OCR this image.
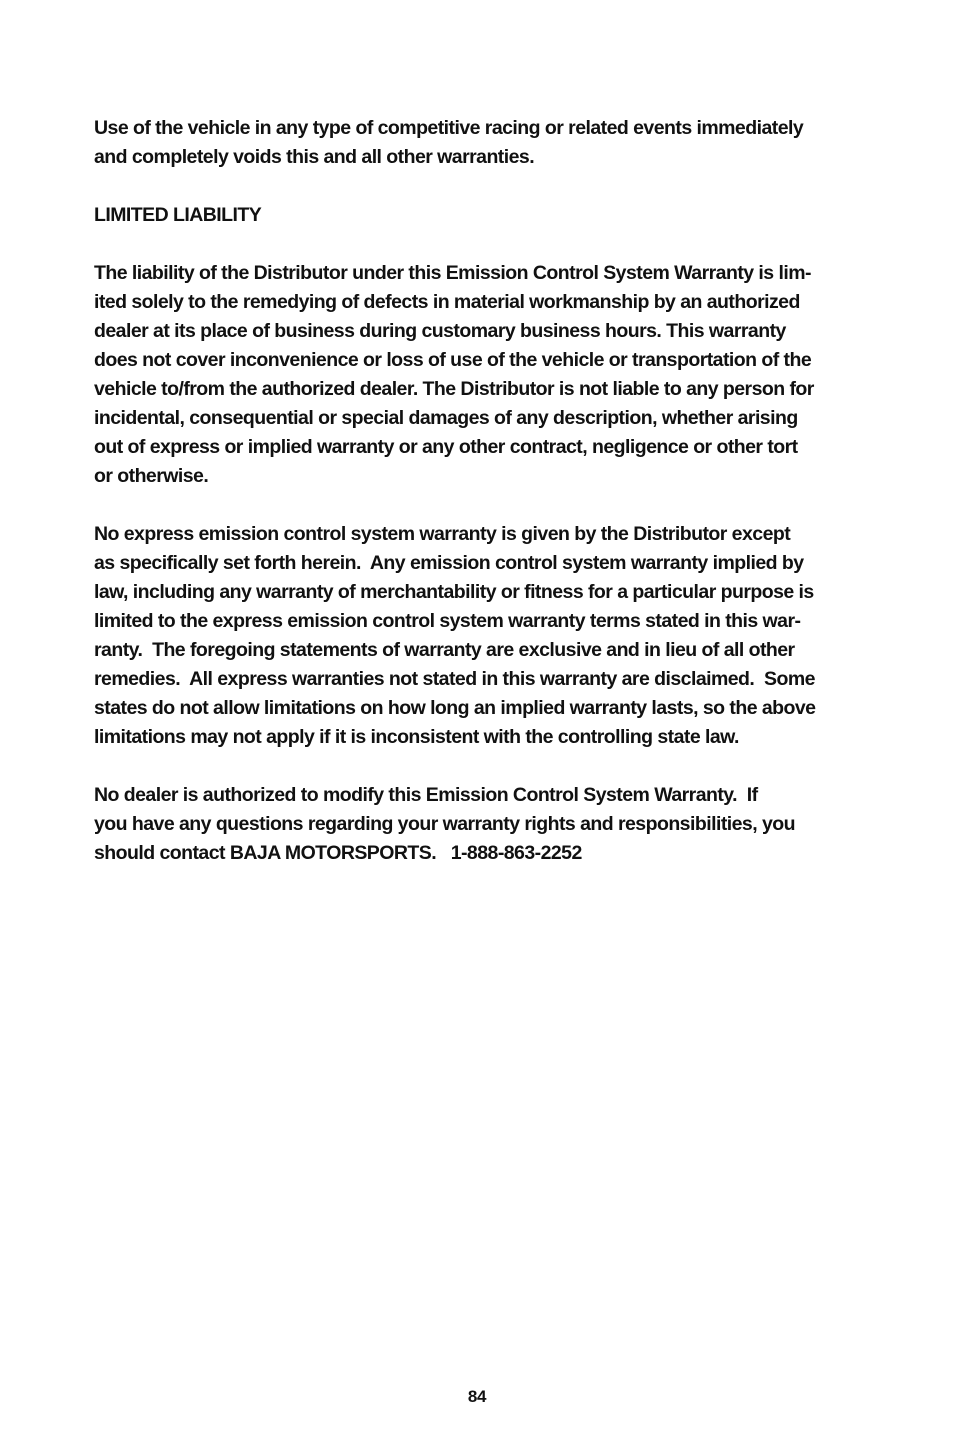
Use of the vehicle in any type of competitive racing or related events immediately
and completely voids this and all other warranties.
LIMITED LIABILITY
The liability of the Distributor under this Emission Control System Warranty is lim-
ited solely to the remedying of defects in material workmanship by an authorized
dealer at its place of business during customary business hours. This warranty
does not cover inconvenience or loss of use of the vehicle or transportation of the
vehicle to/from the authorized dealer. The Distributor is not liable to any person for
incidental, consequential or special damages of any description, whether arising
out of express or implied warranty or any other contract, negligence or other tort
or otherwise.
No express emission control system warranty is given by the Distributor except
as specifically set forth herein.  Any emission control system warranty implied by
law, including any warranty of merchantability or fitness for a particular purpose is
limited to the express emission control system warranty terms stated in this war-
ranty.  The foregoing statements of warranty are exclusive and in lieu of all other
remedies.  All express warranties not stated in this warranty are disclaimed.  Some
states do not allow limitations on how long an implied warranty lasts, so the above
limitations may not apply if it is inconsistent with the controlling state law.
No dealer is authorized to modify this Emission Control System Warranty.  If
you have any questions regarding your warranty rights and responsibilities, you
should contact BAJA MOTORSPORTS.   1-888-863-2252
84
